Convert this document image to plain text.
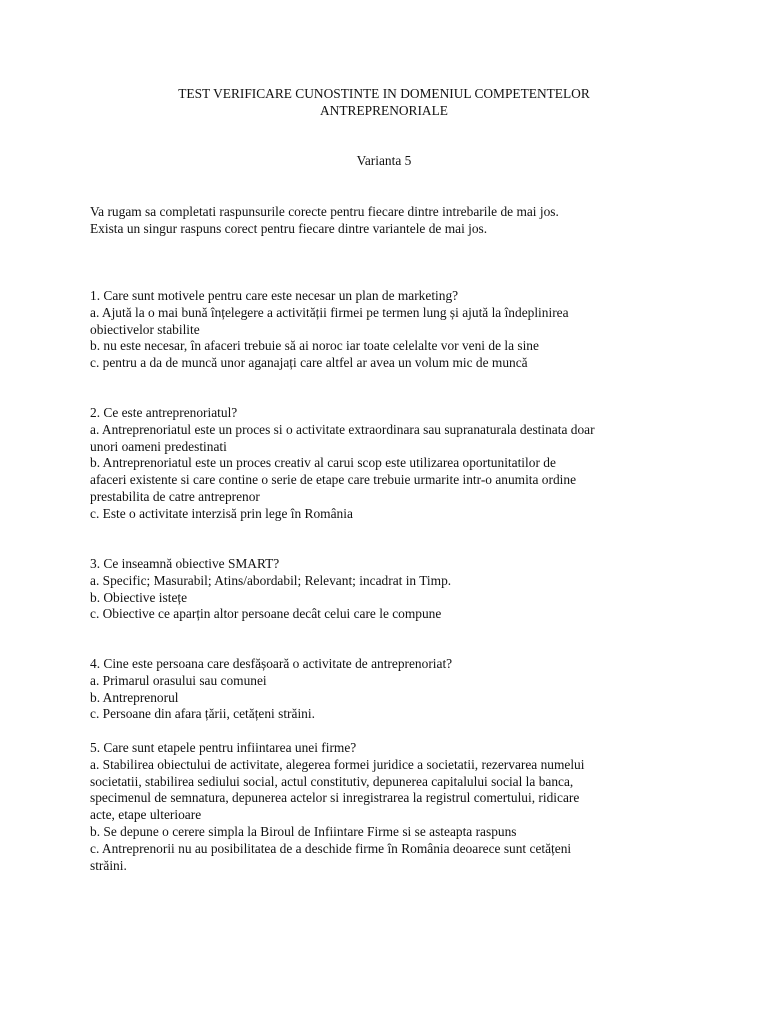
TEST VERIFICARE CUNOSTINTE IN DOMENIUL COMPETENTELOR
ANTREPRENORIALE
Varianta 5
Va rugam sa completati raspunsurile corecte pentru fiecare dintre intrebarile de mai jos.
Exista un singur raspuns corect pentru fiecare dintre variantele de mai jos.
1. Care sunt motivele pentru care este necesar un plan de marketing?
a. Ajută la o mai bună înțelegere a activității firmei pe termen lung și ajută la îndeplinirea
obiectivelor stabilite
b. nu este necesar, în afaceri trebuie să ai noroc iar toate celelalte vor veni de la sine
c. pentru a da de muncă unor aganajați care altfel ar avea un volum mic de muncă
2. Ce este antreprenoriatul?
a. Antreprenoriatul este un proces si o activitate extraordinara sau supranaturala destinata doar
unori oameni predestinati
b. Antreprenoriatul este un proces creativ al carui scop este utilizarea oportunitatilor de
afaceri existente si care contine o serie de etape care trebuie urmarite intr-o anumita ordine
prestabilita de catre antreprenor
c. Este o activitate interzisă prin lege în România
3. Ce inseamnă obiective SMART?
a. Specific; Masurabil; Atins/abordabil; Relevant; incadrat in Timp.
b. Obiective istețe
c. Obiective ce aparțin altor persoane decât celui care le compune
4. Cine este persoana care desfășoară o activitate de antreprenoriat?
a. Primarul orasului sau comunei
b. Antreprenorul
c. Persoane din afara țării, cetățeni străini.
5. Care sunt etapele pentru infiintarea unei firme?
a. Stabilirea obiectului de activitate, alegerea formei juridice a societatii, rezervarea numelui
societatii, stabilirea sediului social, actul constitutiv, depunerea capitalului social la banca,
specimenul de semnatura, depunerea actelor si inregistrarea la registrul comertului, ridicare
acte, etape ulterioare
b. Se depune o cerere simpla la Biroul de Infiintare Firme si se asteapta raspuns
c. Antreprenorii nu au posibilitatea de a deschide firme în România deoarece sunt cetățeni
străini.
